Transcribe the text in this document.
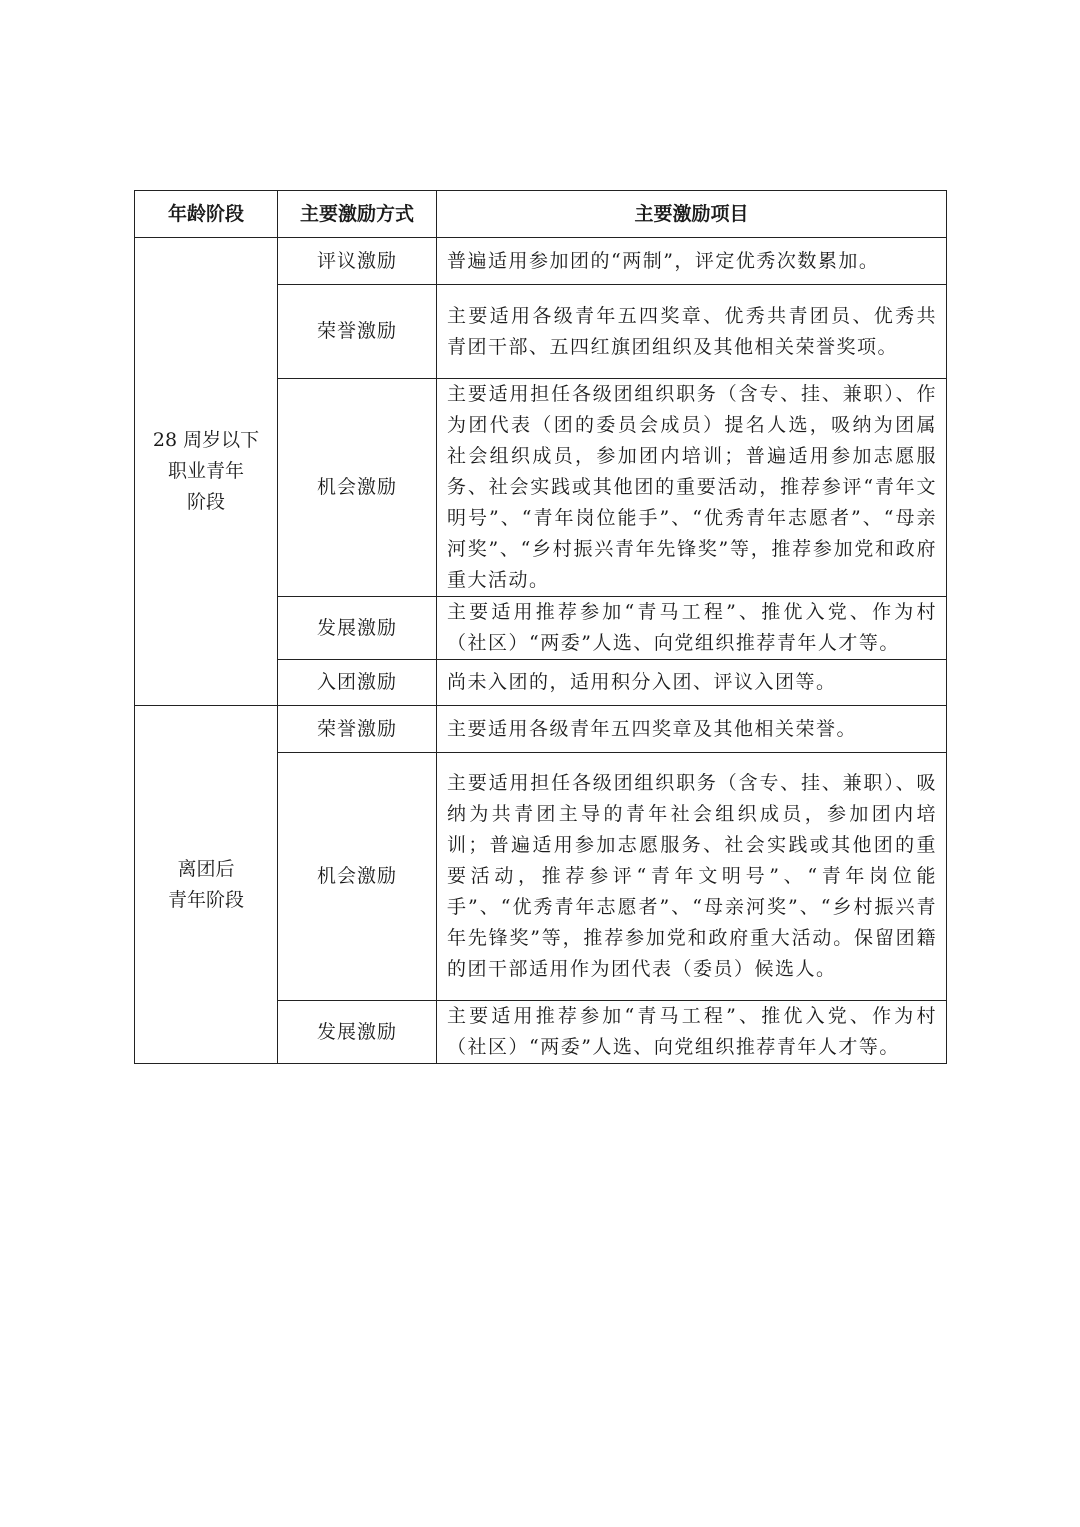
年龄阶段	主要激励方式	主要激励项目

28 周岁以下
职业青年
阶段	评议激励	普遍适用参加团的“两制”，评定优秀次数累加。
	荣誉激励	主要适用各级青年五四奖章、优秀共青团员、优秀共青团干部、五四红旗团组织及其他相关荣誉奖项。
	机会激励	主要适用担任各级团组织职务（含专、挂、兼职）、作为团代表（团的委员会成员）提名人选，吸纳为团属社会组织成员，参加团内培训；普遍适用参加志愿服务、社会实践或其他团的重要活动，推荐参评“青年文明号”、“青年岗位能手”、“优秀青年志愿者”、“母亲河奖”、“乡村振兴青年先锋奖”等，推荐参加党和政府重大活动。
	发展激励	主要适用推荐参加“青马工程”、推优入党、作为村（社区）“两委”人选、向党组织推荐青年人才等。
	入团激励	尚未入团的，适用积分入团、评议入团等。

离团后
青年阶段	荣誉激励	主要适用各级青年五四奖章及其他相关荣誉。
	机会激励	主要适用担任各级团组织职务（含专、挂、兼职）、吸纳为共青团主导的青年社会组织成员，参加团内培训；普遍适用参加志愿服务、社会实践或其他团的重要活动，推荐参评“青年文明号”、“青年岗位能手”、“优秀青年志愿者”、“母亲河奖”、“乡村振兴青年先锋奖”等，推荐参加党和政府重大活动。保留团籍的团干部适用作为团代表（委员）候选人。
	发展激励	主要适用推荐参加“青马工程”、推优入党、作为村（社区）“两委”人选、向党组织推荐青年人才等。
